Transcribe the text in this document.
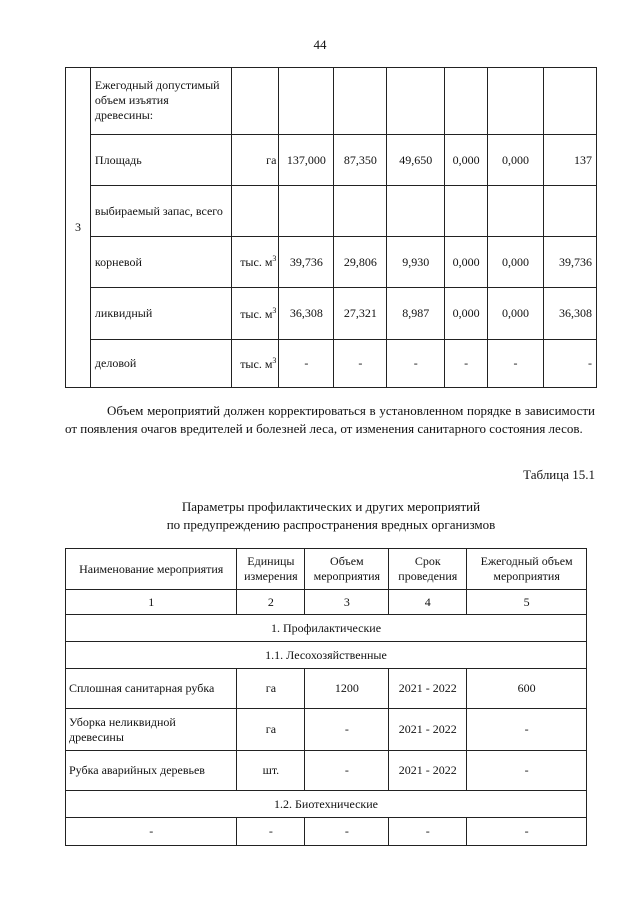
44
3	Ежегодный допустимый объем изъятия древесины:							
	Площадь	га	137,000	87,350	49,650	0,000	0,000	137
	выбираемый запас, всего							
	корневой	тыс. $м^3$	39,736	29,806	9,930	0,000	0,000	39,736
	ликвидный	тыс. $м^3$	36,308	27,321	8,987	0,000	0,000	36,308
	деловой	тыс. $м^3$	-	-	-	-	-	-
Объем мероприятий должен корректироваться в установленном порядке в зависимости от появления очагов вредителей и болезней леса, от изменения санитарного состояния лесов.
Таблица 15.1
Параметры профилактических и других мероприятий
по предупреждению распространения вредных организмов
Наименование мероприятия	Единицы измерения	Объем мероприятия	Срок проведения	Ежегодный объем мероприятия
1	2	3	4	5
1. Профилактические				
1.1. Лесохозяйственные				
Сплошная санитарная рубка	га	1200	2021 - 2022	600
Уборка неликвидной древесины	га	-	2021 - 2022	-
Рубка аварийных деревьев	шт.	-	2021 - 2022	-
1.2. Биотехнические				
-	-	-	-	-
